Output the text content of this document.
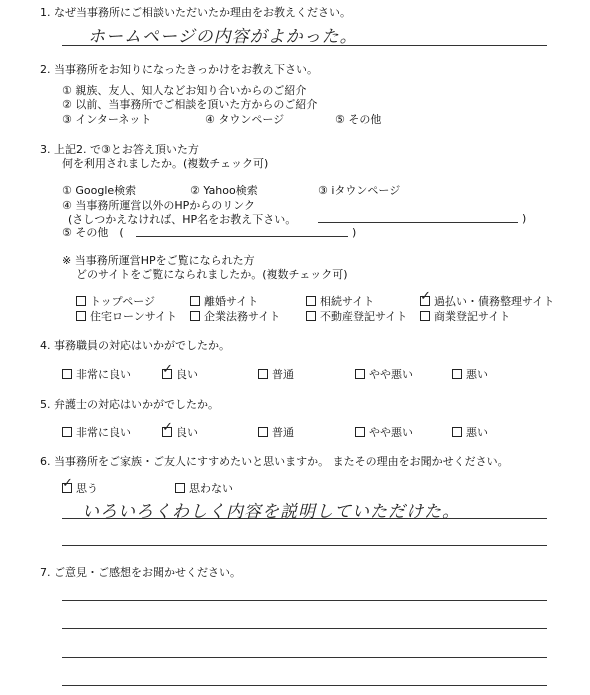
1. なぜ当事務所にご相談いただいたか理由をお教えください。
ホームページの内容がよかった。
2. 当事務所をお知りになったきっかけをお教え下さい。
① 親族、友人、知人などお知り合いからのご紹介
② 以前、当事務所でご相談を頂いた方からのご紹介
③ インターネット	④ タウンページ	⑤ その他
3. 上記2. で③とお答え頂いた方
何を利用されましたか。(複数チェック可)
① Google検索	② Yahoo検索	③ iタウンページ
④ 当事務所運営以外のHPからのリンク
(さしつかえなければ、HP名をお教え下さい。	)
⑤ その他　(	)
※ 当事務所運営HPをご覧になられた方
どのサイトをご覧になられましたか。(複数チェック可)
トップページ	離婚サイト	相続サイト	✓ 過払い・債務整理サイト
住宅ローンサイト	企業法務サイト	不動産登記サイト	商業登記サイト
4. 事務職員の対応はいかがでしたか。
非常に良い ✓ 良い	普通	やや悪い	悪い
5. 弁護士の対応はいかがでしたか。
非常に良い ✓ 良い	普通	やや悪い	悪い
6. 当事務所をご家族・ご友人にすすめたいと思いますか。 またその理由をお聞かせください。
✓ 思う	思わない
いろいろくわしく内容を説明していただけた。
7. ご意見・ご感想をお聞かせください。
